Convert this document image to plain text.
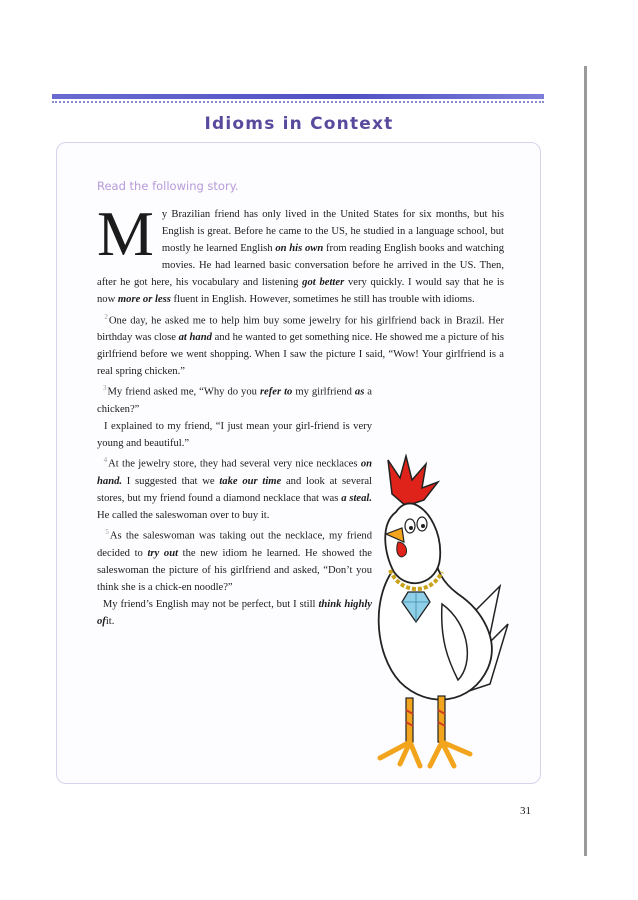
Idioms in Context
Read the following story.

My Brazilian friend has only lived in the United States for six months, but his English is great. Before he came to the US, he studied in a language school, but mostly he learned English on his own from reading English books and watching movies. He had learned basic conversation before he arrived in the US. Then, after he got here, his vocabulary and listening got better very quickly. I would say that he is now more or less fluent in English. However, sometimes he still has trouble with idioms.

$^2$One day, he asked me to help him buy some jewelry for his girlfriend back in Brazil. Her birthday was close at hand and he wanted to get something nice. He showed me a picture of his girlfriend before we went shopping. When I saw the picture I said, “Wow! Your girlfriend is a real spring chicken.”

$^3$My friend asked me, “Why do you refer to my girlfriend as a chicken?”

I explained to my friend, “I just mean your girl-friend is very young and beautiful.”

$^4$At the jewelry store, they had several very nice necklaces on hand. I suggested that we take our time and look at several stores, but my friend found a diamond necklace that was a steal. He called the saleswoman over to buy it.

$^5$As the saleswoman was taking out the necklace, my friend decided to try out the new idiom he learned. He showed the saleswoman the picture of his girlfriend and asked, “Don’t you think she is a chick-en noodle?”

My friend’s English may not be perfect, but I still think highly ofit.

31
